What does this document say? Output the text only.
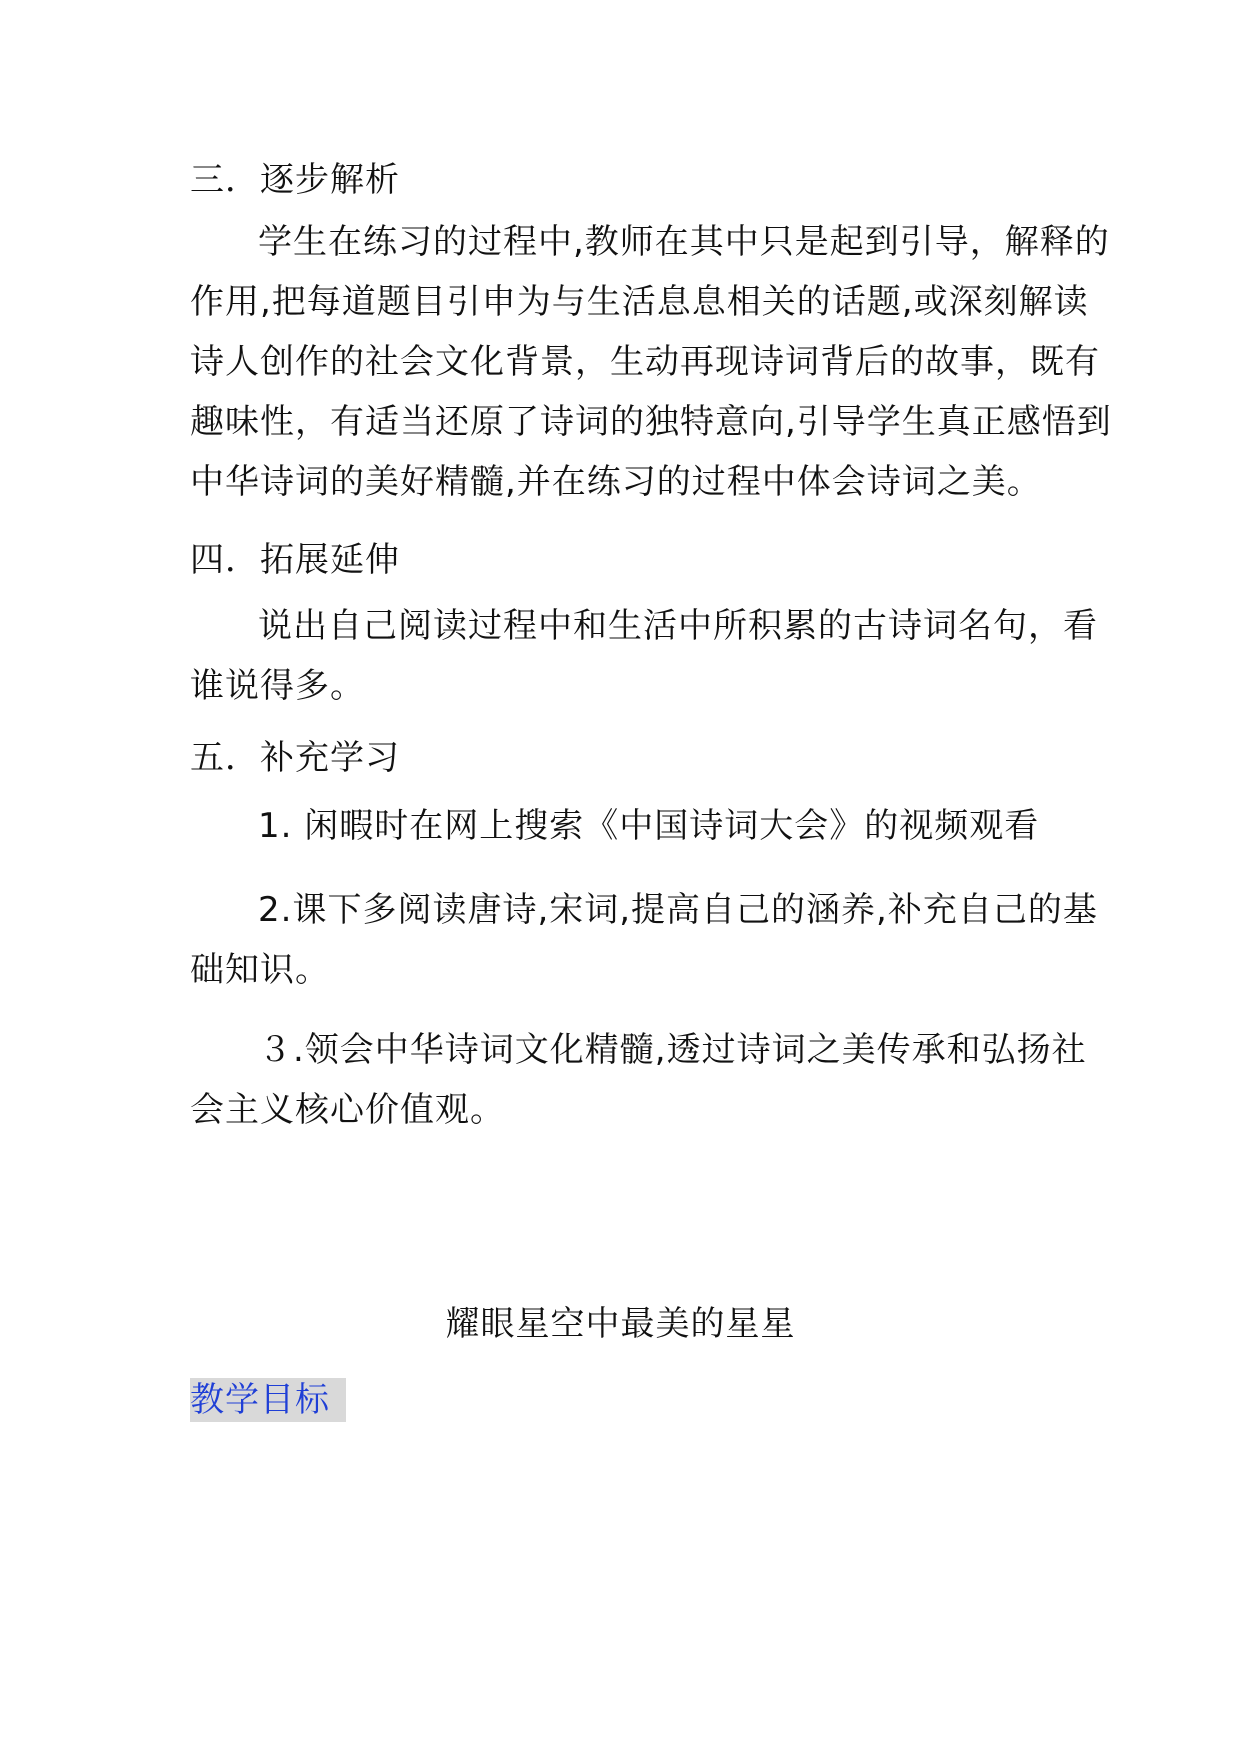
三．逐步解析
学生在练习的过程中,教师在其中只是起到引导，解释的
作用,把每道题目引申为与生活息息相关的话题,或深刻解读
诗人创作的社会文化背景，生动再现诗词背后的故事，既有
趣味性，有适当还原了诗词的独特意向,引导学生真正感悟到
中华诗词的美好精髓,并在练习的过程中体会诗词之美。
四．拓展延伸
说出自己阅读过程中和生活中所积累的古诗词名句，看
谁说得多。
五．补充学习
1. 闲暇时在网上搜索《中国诗词大会》的视频观看
2.课下多阅读唐诗,宋词,提高自己的涵养,补充自己的基
础知识。
３.领会中华诗词文化精髓,透过诗词之美传承和弘扬社
会主义核心价值观。
耀眼星空中最美的星星
教学目标
